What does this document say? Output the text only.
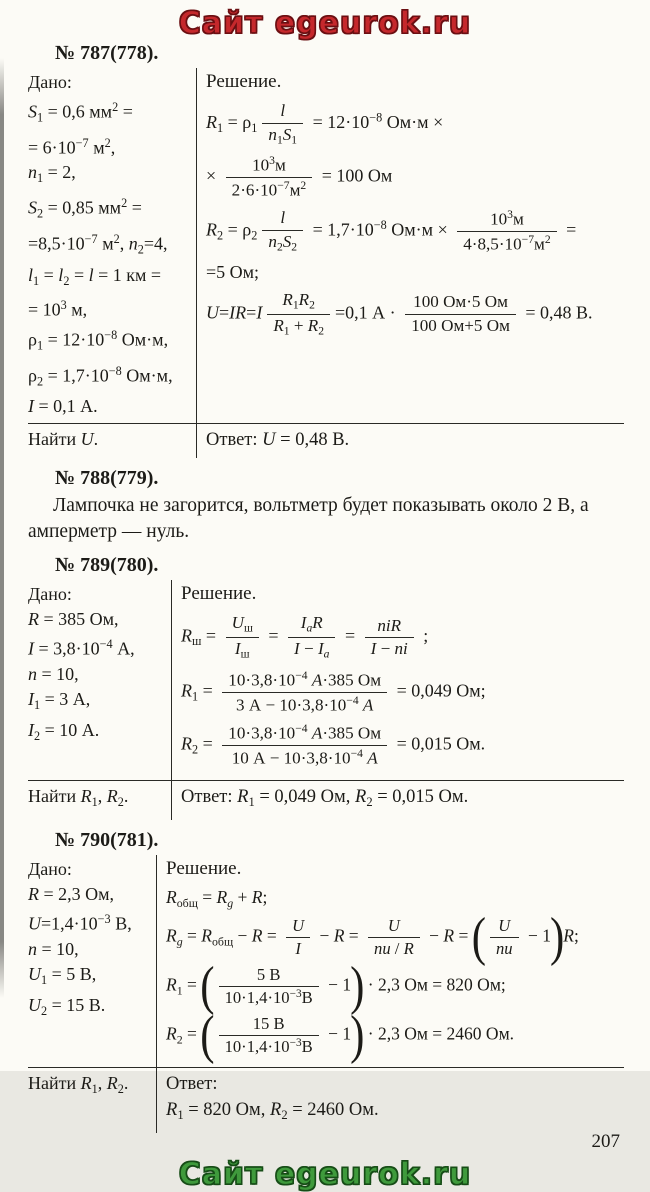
Сайт egeurok.ru
№ 787(778).
Дано:
$S_1 = 0,6$ $мм^2$ =
= $6\cdot 10^{-7}$ $м^2$,
$n_1 = 2$,
$S_2 = 0,85$ $мм^2$ =
$=8,5\cdot 10^{-7}$ $м^2$, $n_2=4$,
$l_1 = l_2 = l = 1$ км =
= $10^3$ м,
$\rho_1 = 12\cdot 10^{-8}$ Ом·м,
$\rho_2 = 1,7\cdot 10^{-8}$ Ом·м,
I = 0,1 А.
Решение.
$R_1 = \rho_1 \frac{l}{n_1S_1} = 12\cdot 10^{-8}$ Ом·м ×
× $\frac{10^3м}{2\cdot 6\cdot 10^{-7}м^2} = 100$ Ом
$R_2 = \rho_2 \frac{l}{n_2S_2} = 1,7\cdot 10^{-8}$ $Ом\cdot м \times \frac{10^3м}{4\cdot 8,5\cdot 10^{-7}м^2}$ =
=5 Ом;
$U=IR=I \frac{R_1R_2}{R_1 + R_2} =0,1$ $А \cdot \frac{100 Ом\cdot 5 Ом}{100 Ом+5 Ом} = 0,48$ В.
Найти U.	Ответ: U = 0,48 В.
№ 788(779).

Лампочка не загорится, вольтметр будет показывать около 2 В, а амперметр — нуль.

№ 789(780).
Дано:
R = 385 Ом,
$I = 3,8\cdot 10^{-4}$ А,
n = 10,
$I_1 = 3$ А,
$I_2 = 10$ А.
Решение.
$R_ш = \frac{U_ш}{I_ш} = \frac{I_aR}{I - I_a} = \frac{\text{niR}}{I - ni}$ ;
$R_1 = \frac{10\cdot 3,8\cdot 10^{-4} А\cdot 385 Ом}{3 А - 10\cdot 3,8\cdot 10^{-4} А} = 0,049$ Ом;
$R_2 = \frac{10\cdot 3,8\cdot 10^{-4} А\cdot 385 Ом}{10 А - 10\cdot 3,8\cdot 10^{-4} А} = 0,015$ Ом.
Найти $R_1$, $R_2$.	Ответ: $R_1 = 0,049$ Ом, $R_2 = 0,015$ Ом.
№ 790(781).
Дано:
R = 2,3 Ом,
$U=1,4\cdot 10^{-3}$ В,
n = 10,
$U_1 = 5$ В,
$U_2 = 15$ В.
Решение.
$R_{общ} = R_g + R$;
$R_g = R_{общ} - R = \frac{U}{I} - R = \frac{U}{nu / R} - R$ = ( $\frac{U}{nu} - 1$ ) R;
$R_1$ = ( $\frac{5 В}{10\cdot 1,4\cdot 10^{-3}В} - 1$ ) · 2,3 Ом = 820 Ом;
$R_2$ = ( $\frac{15 В}{10\cdot 1,4\cdot 10^{-3}В} - 1$ ) · 2,3 Ом = 2460 Ом.
Найти $R_1$, $R_2$.	Ответ:
$R_1 = 820$ Ом, $R_2 = 2460$ Ом.
207
Сайт egeurok.ru
